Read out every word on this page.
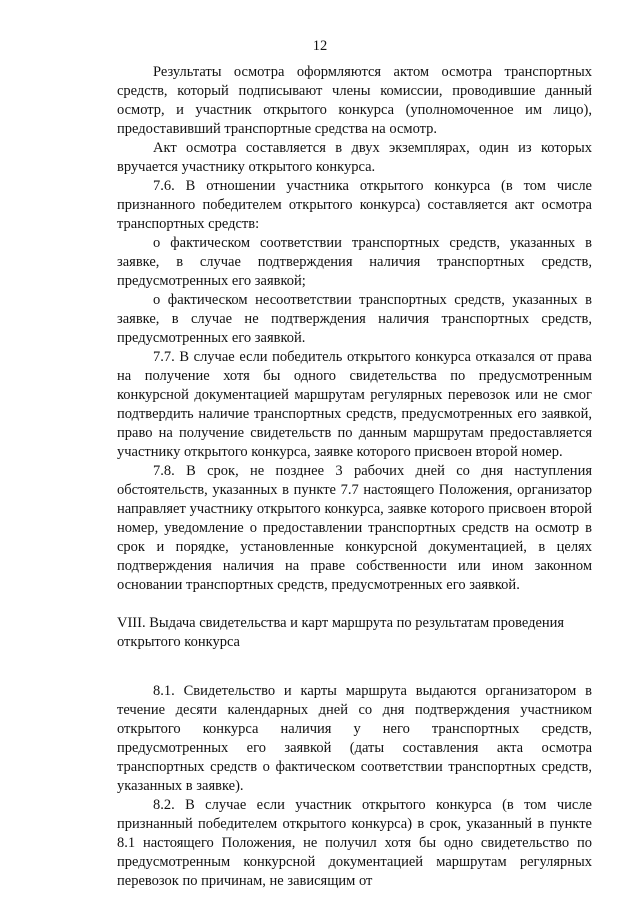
12

Результаты осмотра оформляются актом осмотра транспортных средств, который подписывают члены комиссии, проводившие данный осмотр, и участник открытого конкурса (уполномоченное им лицо), предоставивший транспортные средства на осмотр.

Акт осмотра составляется в двух экземплярах, один из которых вручается участнику открытого конкурса.

7.6. В отношении участника открытого конкурса (в том числе признанного победителем открытого конкурса) составляется акт осмотра транспортных средств:

о фактическом соответствии транспортных средств, указанных в заявке, в случае подтверждения наличия транспортных средств, предусмотренных его заявкой;

о фактическом несоответствии транспортных средств, указанных в заявке, в случае не подтверждения наличия транспортных средств, предусмотренных его заявкой.

7.7. В случае если победитель открытого конкурса отказался от права на получение хотя бы одного свидетельства по предусмотренным конкурсной документацией маршрутам регулярных перевозок или не смог подтвердить наличие транспортных средств, предусмотренных его заявкой, право на получение свидетельств по данным маршрутам предоставляется участнику открытого конкурса, заявке которого присвоен второй номер.

7.8. В срок, не позднее 3 рабочих дней со дня наступления обстоятельств, указанных в пункте 7.7 настоящего Положения, организатор направляет участнику открытого конкурса, заявке которого присвоен второй номер, уведомление о предоставлении транспортных средств на осмотр в срок и порядке, установленные конкурсной документацией, в целях подтверждения наличия на праве собственности или ином законном основании транспортных средств, предусмотренных его заявкой.

VIII. Выдача свидетельства и карт маршрута по результатам проведения
открытого конкурса

8.1. Свидетельство и карты маршрута выдаются организатором в течение десяти календарных дней со дня подтверждения участником открытого конкурса наличия у него транспортных средств, предусмотренных его заявкой (даты составления акта осмотра транспортных средств о фактическом соответствии транспортных средств, указанных в заявке).

8.2. В случае если участник открытого конкурса (в том числе признанный победителем открытого конкурса) в срок, указанный в пункте 8.1 настоящего Положения, не получил хотя бы одно свидетельство по предусмотренным конкурсной документацией маршрутам регулярных перевозок по причинам, не зависящим от
